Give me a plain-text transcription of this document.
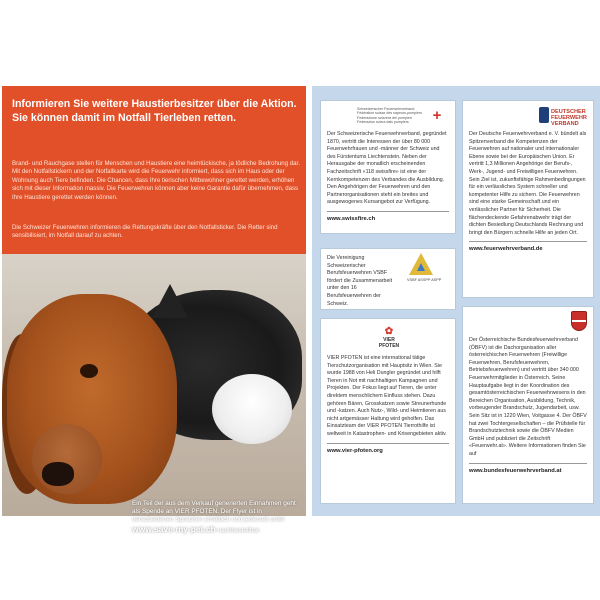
Informieren Sie weitere Haustierbesitzer über die Aktion. Sie können damit im Notfall Tierleben retten.
Brand- und Rauchgase stellen für Menschen und Haustiere eine heimtückische, ja tödliche Bedrohung dar. Mit den Notfallstickern und der Notfallkarte wird die Feuerwehr informiert, dass sich im Haus oder der Wohnung auch Tiere befinden. Die Chancen, dass Ihre tierischen Mitbewohner gerettet werden, erhöhen sich mit dieser Information massiv. Die Feuerwehren können aber keine Garantie dafür übernehmen, dass Ihre Haustiere gerettet werden können.
Die Schweizer Feuerwehren informieren die Rettungskräfte über den Notfallsticker. Die Retter sind sensibilisiert, im Notfall darauf zu achten.
Ein Teil der aus dem Verkauf generierten Einnahmen geht als Spende an VIER PFOTEN. Der Flyer ist in verschiedenen Sprachen erhältlich und jederzeit unter www.save-my-pet.ch nachbestellbar.
Schweizerischer Feuerwehrverband Fédération suisse des sapeurs-pompiers Federazione svizzera dei pompieri Federaziun svizra dals pumpiers	+
Der Schweizerische Feuerwehrverband, gegründet 1870, vertritt die Interessen der über 80 000 Feuerwehrfrauen und -männer der Schweiz und des Fürstentums Liechtenstein. Neben der Herausgabe der monatlich erscheinenden Fachzeitschrift «118 swissfire» ist eine der Kernkompetenzen des Verbandes die Ausbildung. Den Angehörigen der Feuerwehren und den Partnerorganisationen steht ein breites und ausgewogenes Kursangebot zur Verfügung.
www.swissfire.ch
DEUTSCHER FEUERWEHR VERBAND
Der Deutsche Feuerwehrverband e. V. bündelt als Spitzenverband die Kompetenzen der Feuerwehren auf nationaler und internationaler Ebene sowie bei der Europäischen Union. Er vertritt 1,3 Millionen Angehörige der Berufs-, Werk-, Jugend- und Freiwilligen Feuerwehren. Sein Ziel ist, zukunftsfähige Rahmenbedingungen für ein verlässliches System schneller und kompetenter Hilfe zu sichern. Die Feuerwehren sind eine starke Gemeinschaft und ein verlässlicher Partner für Sicherheit. Die flächendeckende Gefahrenabwehr trägt der dichten Besiedlung Deutschlands Rechnung und bringt den Bürgern schnelle Hilfe an jeden Ort.
www.feuerwehrverband.de
Die Vereinigung Schweizerischer Berufsfeuerwehren VSBF fördert die Zusammenarbeit unter den 16 Berufsfeuerwehren der Schweiz.
VSBF ASSPP ASPP
✿
VIER PFOTEN
VIER PFOTEN ist eine international tätige Tierschutzorganisation mit Hauptsitz in Wien. Sie wurde 1988 von Heli Dungler gegründet und hilft Tieren in Not mit nachhaltigen Kampagnen und Projekten. Der Fokus liegt auf Tieren, die unter direktem menschlichem Einfluss stehen. Dazu gehören Bären, Grosskatzen sowie Streunerhunde und -katzen. Auch Nutz-, Wild- und Heimtieren aus nicht artgemässer Haltung wird geholfen. Das Einsatzteam der VIER PFOTEN Tierrothilfe ist weltweit in Katastrophen- und Krisengebieten aktiv.
www.vier-pfoten.org
Der Österreichische Bundesfeuerwehrverband (ÖBFV) ist die Dachorganisation aller österreichischen Feuerwehren (Freiwillige Feuerwehren, Berufsfeuerwehren, Betriebsfeuerwehren) und vertritt über 340 000 Feuerwehrmitglieder in Österreich. Seine Hauptaufgabe liegt in der Koordination des gesamtösterreichischen Feuerwehrwesens in den Bereichen Organisation, Ausbildung, Technik, vorbeugender Brandschutz, Jugendarbeit, usw. Sein Sitz ist in 1220 Wien, Voitgasse 4. Der ÖBFV hat zwei Tochtergesellschaften – die Prüfstelle für Brandschutztechnik sowie die ÖBFV Medien GmbH und publiziert die Zeitschrift «Feuerwehr.at». Weitere Informationen finden Sie auf
www.bundesfeuerwehrverband.at
